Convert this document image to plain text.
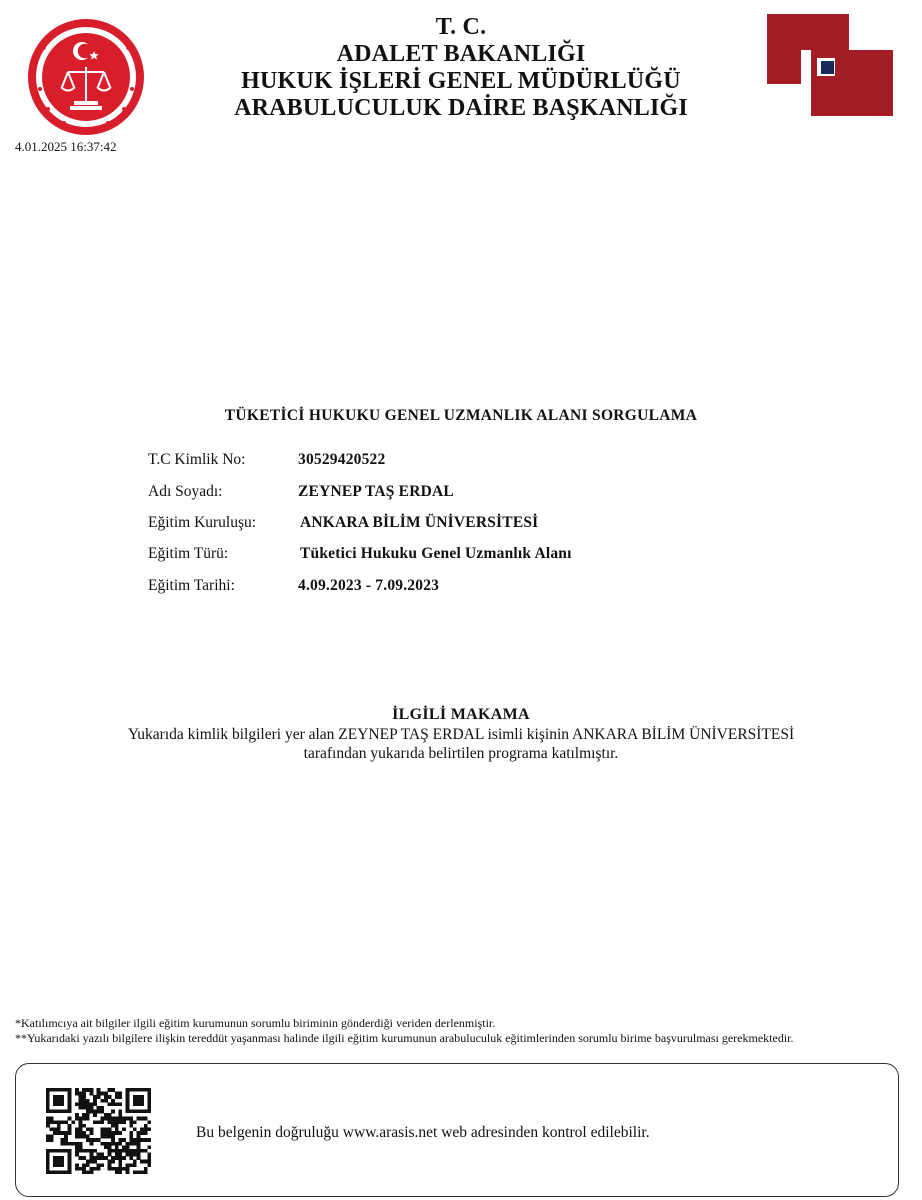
T. C.
ADALET BAKANLIĞI
HUKUK İŞLERİ GENEL MÜDÜRLÜĞÜ
ARABULUCULUK DAİRE BAŞKANLIĞI
4.01.2025 16:37:42
TÜKETİCİ HUKUKU GENEL UZMANLIK ALANI SORGULAMA
T.C Kimlik No:	30529420522
Adı Soyadı:	ZEYNEP TAŞ ERDAL
Eğitim Kuruluşu:	ANKARA BİLİM ÜNİVERSİTESİ
Eğitim Türü:	Tüketici Hukuku Genel Uzmanlık Alanı
Eğitim Tarihi:	4.09.2023 - 7.09.2023
İLGİLİ MAKAMA
Yukarıda kimlik bilgileri yer alan ZEYNEP TAŞ ERDAL isimli kişinin ANKARA BİLİM ÜNİVERSİTESİ
tarafından yukarıda belirtilen programa katılmıştır.
*Katılımcıya ait bilgiler ilgili eğitim kurumunun sorumlu biriminin gönderdiği veriden derlenmiştir.
**Yukarıdaki yazılı bilgilere ilişkin tereddüt yaşanması halinde ilgili eğitim kurumunun arabuluculuk eğitimlerinden sorumlu birime başvurulması gerekmektedir.
Bu belgenin doğruluğu www.arasis.net web adresinden kontrol edilebilir.
